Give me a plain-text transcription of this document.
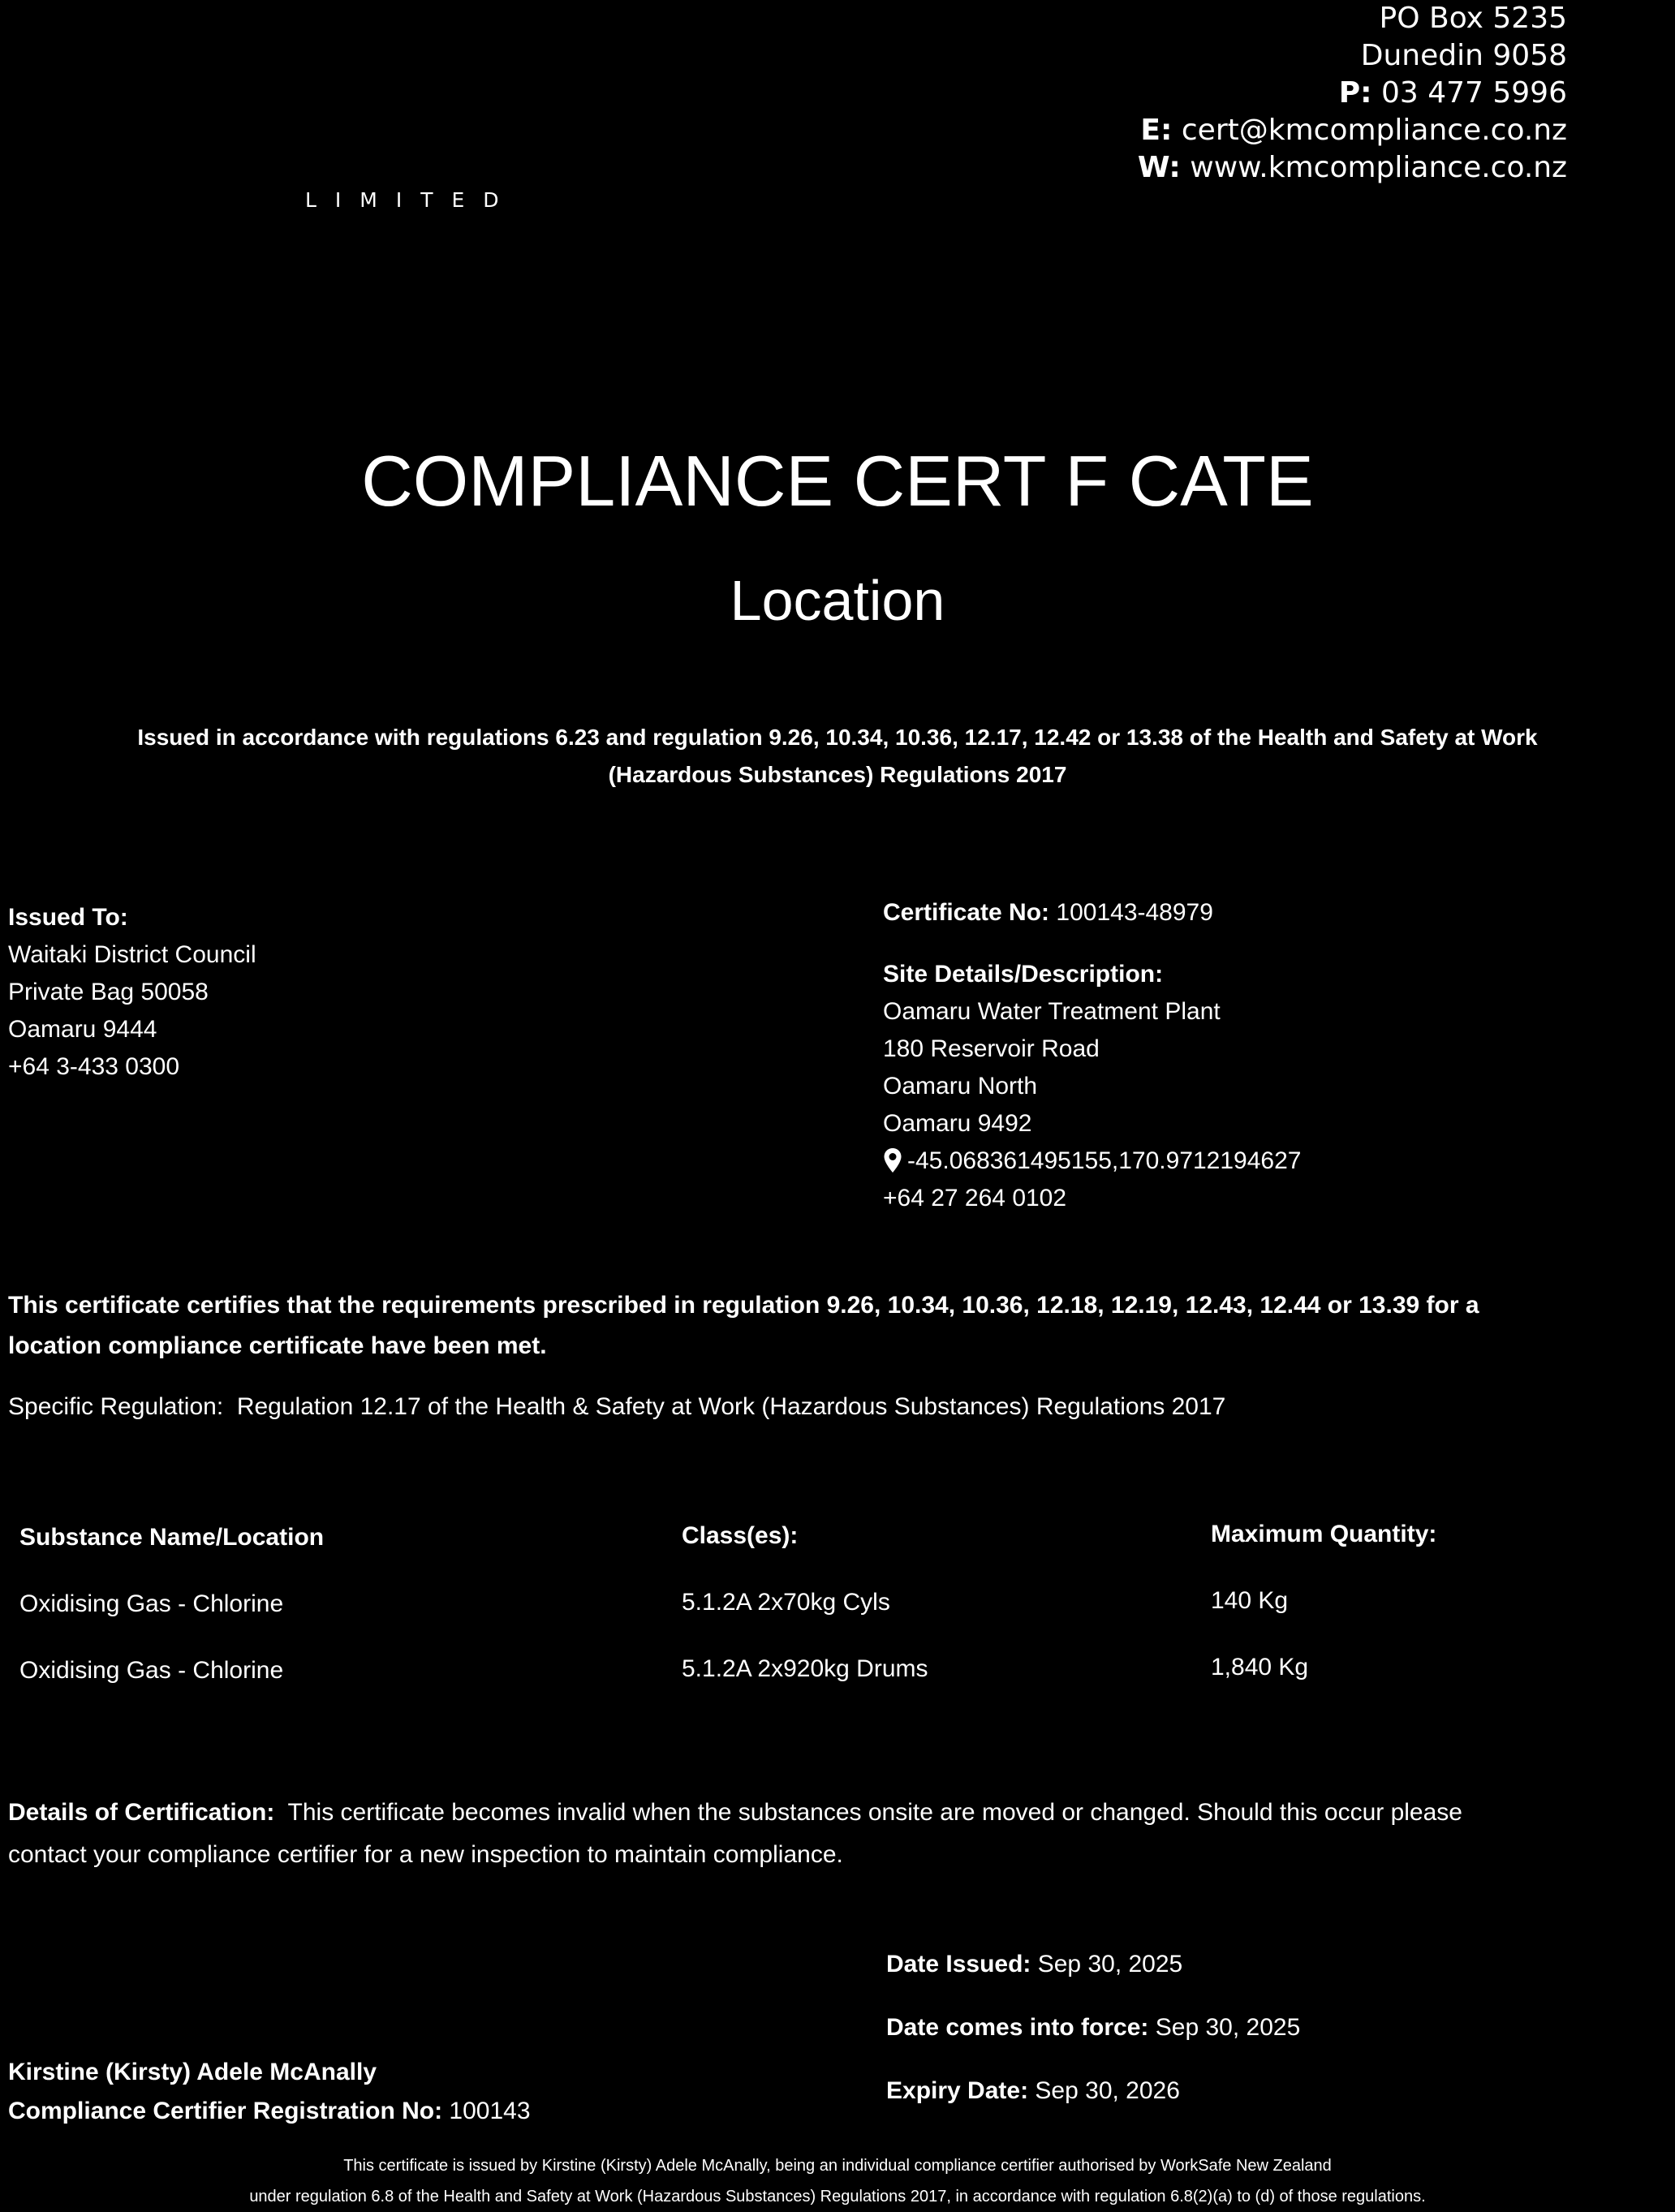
PO Box 5235
Dunedin 9058
P: 03 477 5996
E: cert@kmcompliance.co.nz
W: www.kmcompliance.co.nz
LIMITED
COMPLIANCE CERT F CATE
Location
Issued in accordance with regulations 6.23 and regulation 9.26, 10.34, 10.36, 12.17, 12.42 or 13.38 of the Health and Safety at Work
(Hazardous Substances) Regulations 2017
Issued To:
Waitaki District Council
Private Bag 50058
Oamaru 9444
+64 3-433 0300
Certificate No: 100143-48979
Site Details/Description:
Oamaru Water Treatment Plant
180 Reservoir Road
Oamaru North
Oamaru 9492
-45.068361495155,170.9712194627
+64 27 264 0102
This certificate certifies that the requirements prescribed in regulation 9.26, 10.34, 10.36, 12.18, 12.19, 12.43, 12.44 or 13.39 for a
location compliance certificate have been met.
Specific Regulation: Regulation 12.17 of the Health & Safety at Work (Hazardous Substances) Regulations 2017
Substance Name/Location	Class(es):	Maximum Quantity:
Oxidising Gas - Chlorine	5.1.2A 2x70kg Cyls	140 Kg
Oxidising Gas - Chlorine	5.1.2A 2x920kg Drums	1,840 Kg
Details of Certification: This certificate becomes invalid when the substances onsite are moved or changed. Should this occur please
contact your compliance certifier for a new inspection to maintain compliance.
Date Issued: Sep 30, 2025
Date comes into force: Sep 30, 2025
Expiry Date: Sep 30, 2026
Kirstine (Kirsty) Adele McAnally
Compliance Certifier Registration No: 100143
This certificate is issued by Kirstine (Kirsty) Adele McAnally, being an individual compliance certifier authorised by WorkSafe New Zealand
under regulation 6.8 of the Health and Safety at Work (Hazardous Substances) Regulations 2017, in accordance with regulation 6.8(2)(a) to (d) of those regulations.
